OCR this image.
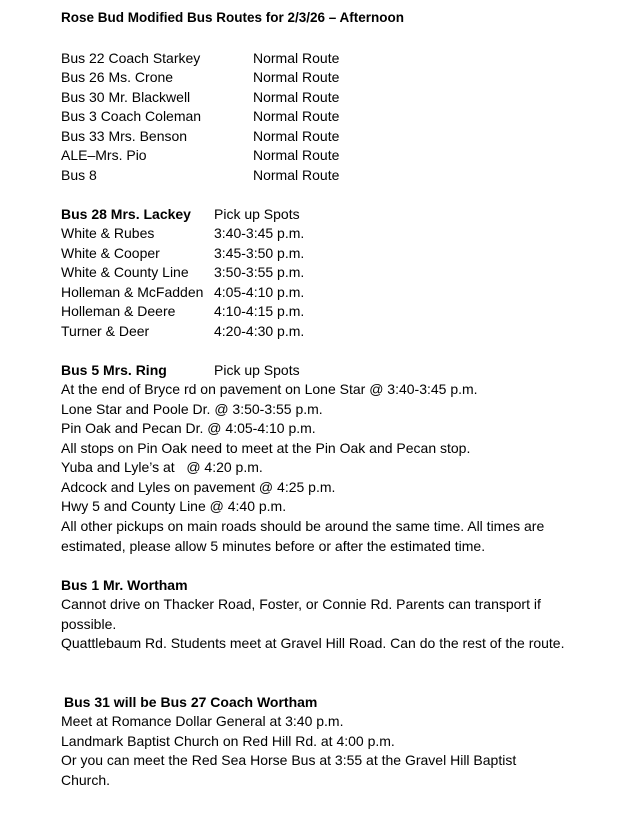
Rose Bud Modified Bus Routes for 2/3/26 – Afternoon
Bus 22 Coach Starkey	Normal Route
Bus 26 Ms. Crone	Normal Route
Bus 30 Mr. Blackwell	Normal Route
Bus 3 Coach Coleman	Normal Route
Bus 33 Mrs. Benson	Normal Route
ALE–Mrs. Pio	Normal Route
Bus 8	Normal Route
Bus 28 Mrs. Lackey Pick up Spots
White & Rubes	3:40-3:45 p.m.
White & Cooper	3:45-3:50 p.m.
White & County Line 3:50-3:55 p.m.
Holleman & McFadden 4:05-4:10 p.m.
Holleman & Deere	4:10-4:15 p.m.
Turner & Deer	4:20-4:30 p.m.
Bus 5 Mrs. Ring	Pick up Spots
At the end of Bryce rd on pavement on Lone Star @ 3:40-3:45 p.m.
Lone Star and Poole Dr. @ 3:50-3:55 p.m.
Pin Oak and Pecan Dr. @ 4:05-4:10 p.m.
All stops on Pin Oak need to meet at the Pin Oak and Pecan stop.
Yuba and Lyle’s at   @ 4:20 p.m.
Adcock and Lyles on pavement @ 4:25 p.m.
Hwy 5 and County Line @ 4:40 p.m.
All other pickups on main roads should be around the same time. All times are estimated, please allow 5 minutes before or after the estimated time.
Bus 1 Mr. Wortham
Cannot drive on Thacker Road, Foster, or Connie Rd. Parents can transport if possible.
Quattlebaum Rd. Students meet at Gravel Hill Road. Can do the rest of the route.
Bus 31 will be Bus 27 Coach Wortham
Meet at Romance Dollar General at 3:40 p.m.
Landmark Baptist Church on Red Hill Rd. at 4:00 p.m.
Or you can meet the Red Sea Horse Bus at 3:55 at the Gravel Hill Baptist Church.
